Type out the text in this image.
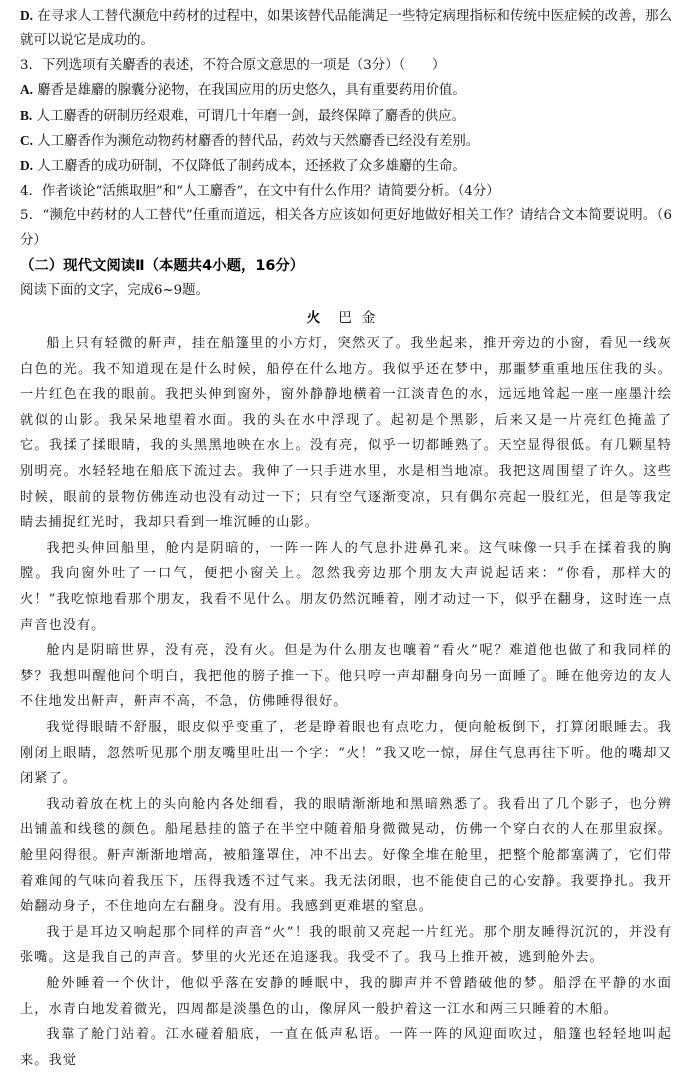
D. 在寻求人工替代濒危中药材的过程中，如果该替代品能满足一些特定病理指标和传统中医症候的改善，那么就可以说它是成功的。
3．下列选项有关麝香的表述，不符合原文意思的一项是（3分）（　　）
A. 麝香是雄麝的腺囊分泌物，在我国应用的历史悠久，具有重要药用价值。
B. 人工麝香的研制历经艰难，可谓几十年磨一剑，最终保障了麝香的供应。
C. 人工麝香作为濒危动物药材麝香的替代品，药效与天然麝香已经没有差别。
D. 人工麝香的成功研制，不仅降低了制药成本，还拯救了众多雄麝的生命。
4．作者谈论“活熊取胆”和“人工麝香”，在文中有什么作用？请简要分析。（4分）
5．“濒危中药材的人工替代”任重而道远，相关各方应该如何更好地做好相关工作？请结合文本简要说明。（6分）
（二）现代文阅读Ⅱ（本题共4小题，16分）
阅读下面的文字，完成6~9题。
火 巴金

船上只有轻微的鼾声，挂在船篷里的小方灯，突然灭了。我坐起来，推开旁边的小窗，看见一线灰白色的光。我不知道现在是什么时候，船停在什么地方。我似乎还在梦中，那噩梦重重地压住我的头。一片红色在我的眼前。我把头伸到窗外，窗外静静地横着一江淡青色的水，远远地耸起一座一座墨汁绘就似的山影。我呆呆地望着水面。我的头在水中浮现了。起初是个黑影，后来又是一片亮红色掩盖了它。我揉了揉眼睛，我的头黑黑地映在水上。没有亮，似乎一切都睡熟了。天空显得很低。有几颗星特别明亮。水轻轻地在船底下流过去。我伸了一只手进水里，水是相当地凉。我把这周围望了许久。这些时候，眼前的景物仿佛连动也没有动过一下；只有空气逐渐变凉，只有偶尔亮起一股红光，但是等我定睛去捕捉红光时，我却只看到一堆沉睡的山影。

我把头伸回船里，舱内是阴暗的，一阵一阵人的气息扑进鼻孔来。这气味像一只手在揉着我的胸膛。我向窗外吐了一口气，便把小窗关上。忽然我旁边那个朋友大声说起话来：“你看，那样大的火！”我吃惊地看那个朋友，我看不见什么。朋友仍然沉睡着，刚才动过一下，似乎在翻身，这时连一点声音也没有。

舱内是阴暗世界，没有亮，没有火。但是为什么朋友也嚷着“看火”呢？难道他也做了和我同样的梦？我想叫醒他问个明白，我把他的膀子推一下。他只哼一声却翻身向另一面睡了。睡在他旁边的友人不住地发出鼾声，鼾声不高，不急，仿佛睡得很好。

我觉得眼睛不舒服，眼皮似乎变重了，老是睁着眼也有点吃力，便向舱板倒下，打算闭眼睡去。我刚闭上眼睛，忽然听见那个朋友嘴里吐出一个字：“火！”我又吃一惊，屏住气息再往下听。他的嘴却又闭紧了。

我动着放在枕上的头向舱内各处细看，我的眼睛渐渐地和黑暗熟悉了。我看出了几个影子，也分辨出铺盖和线毯的颜色。船尾悬挂的篮子在半空中随着船身微微晃动，仿佛一个穿白衣的人在那里寂探。舱里闷得很。鼾声渐渐地增高，被船篷罩住，冲不出去。好像全堆在舱里，把整个舱都塞满了，它们带着难闻的气味向着我压下，压得我透不过气来。我无法闭眼，也不能使自己的心安静。我要挣扎。我开始翻动身子，不住地向左右翻身。没有用。我感到更难堪的窒息。

我于是耳边又响起那个同样的声音“火”！我的眼前又亮起一片红光。那个朋友睡得沉沉的，并没有张嘴。这是我自己的声音。梦里的火光还在追逐我。我受不了。我马上推开被，逃到舱外去。

舱外睡着一个伙计，他似乎落在安静的睡眠中，我的脚声并不曾踏破他的梦。船浮在平静的水面上，水青白地发着微光，四周都是淡墨色的山，像屏风一般护着这一江水和两三只睡着的木船。

我靠了舱门站着。江水碰着船底，一直在低声私语。一阵一阵的风迎面吹过，船篷也轻轻地叫起来。我觉
